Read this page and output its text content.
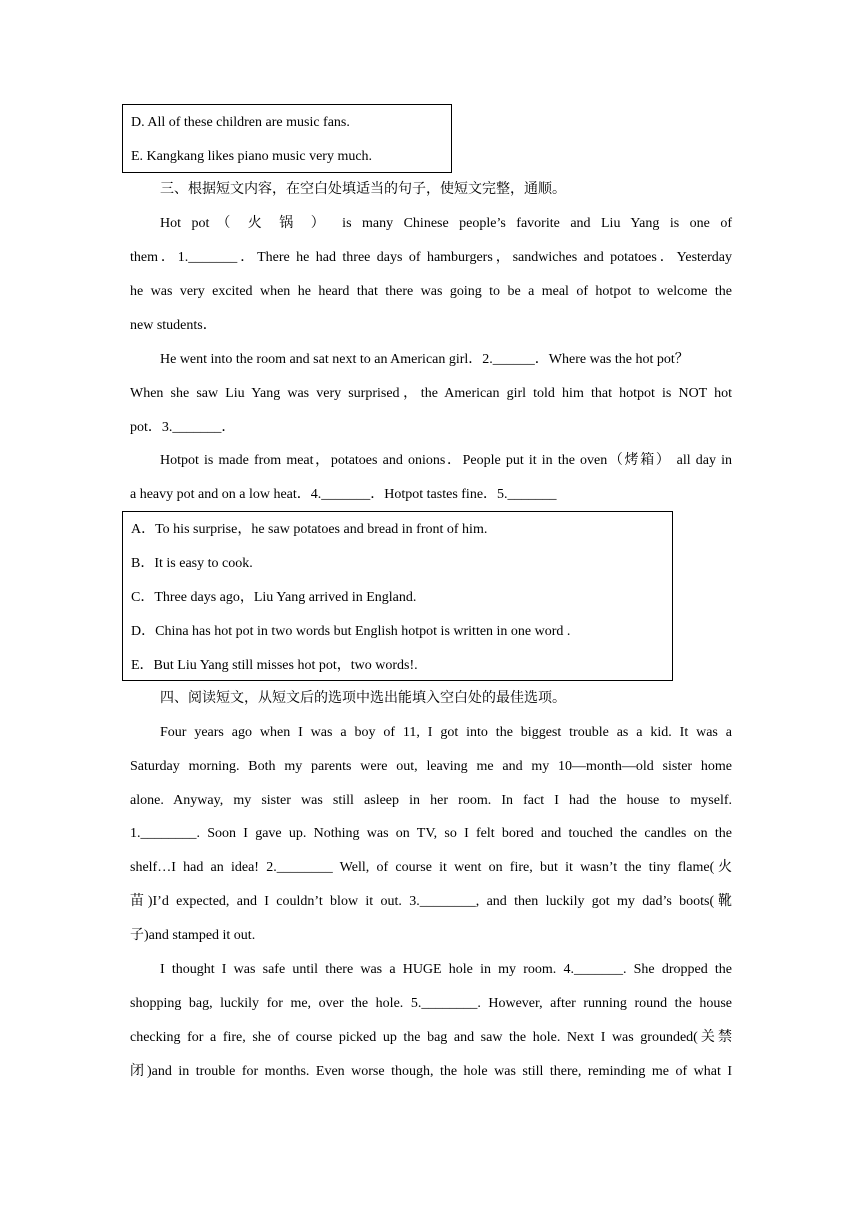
D. All of these children are music fans.
E. Kangkang likes piano music very much.
三、根据短文内容，在空白处填适当的句子，使短文完整，通顺。
Hot pot（ 火 锅 ） is many Chinese people’s favorite and Liu Yang is one of
them．1._______．There he had three days of hamburgers，sandwiches and potatoes．Yesterday
he was very excited when he heard that there was going to be a meal of hotpot to welcome the
new students．
He went into the room and sat next to an American girl．2.______．Where was the hot pot？
When she saw Liu Yang was very surprised，the American girl told him that hotpot is NOT hot
pot．3._______．
Hotpot is made from meat，potatoes and onions．People put it in the oven（烤箱） all day in
a heavy pot and on a low heat．4._______．Hotpot tastes fine．5._______
A．To his surprise，he saw potatoes and bread in front of him.
B．It is easy to cook.
C．Three days ago，Liu Yang arrived in England.
D．China has hot pot in two words but English hotpot is written in one word .
E．But Liu Yang still misses hot pot，two words!.
四、阅读短文，从短文后的选项中选出能填入空白处的最佳选项。
Four years ago when I was a boy of 11, I got into the biggest trouble as a kid. It was a
Saturday morning. Both my parents were out, leaving me and my 10—month—old sister home
alone. Anyway, my sister was still asleep in her room. In fact I had the house to myself.
1.________. Soon I gave up. Nothing was on TV, so I felt bored and touched the candles on the
shelf…I had an idea! 2.________ Well, of course it went on fire, but it wasn’t the tiny flame(火
苗)I’d expected, and I couldn’t blow it out. 3.________, and then luckily got my dad’s boots(靴
子)and stamped it out.
I thought I was safe until there was a HUGE hole in my room. 4._______. She dropped the
shopping bag, luckily for me, over the hole. 5.________. However, after running round the house
checking for a fire, she of course picked up the bag and saw the hole. Next I was grounded(关禁
闭)and in trouble for months. Even worse though, the hole was still there, reminding me of what I
